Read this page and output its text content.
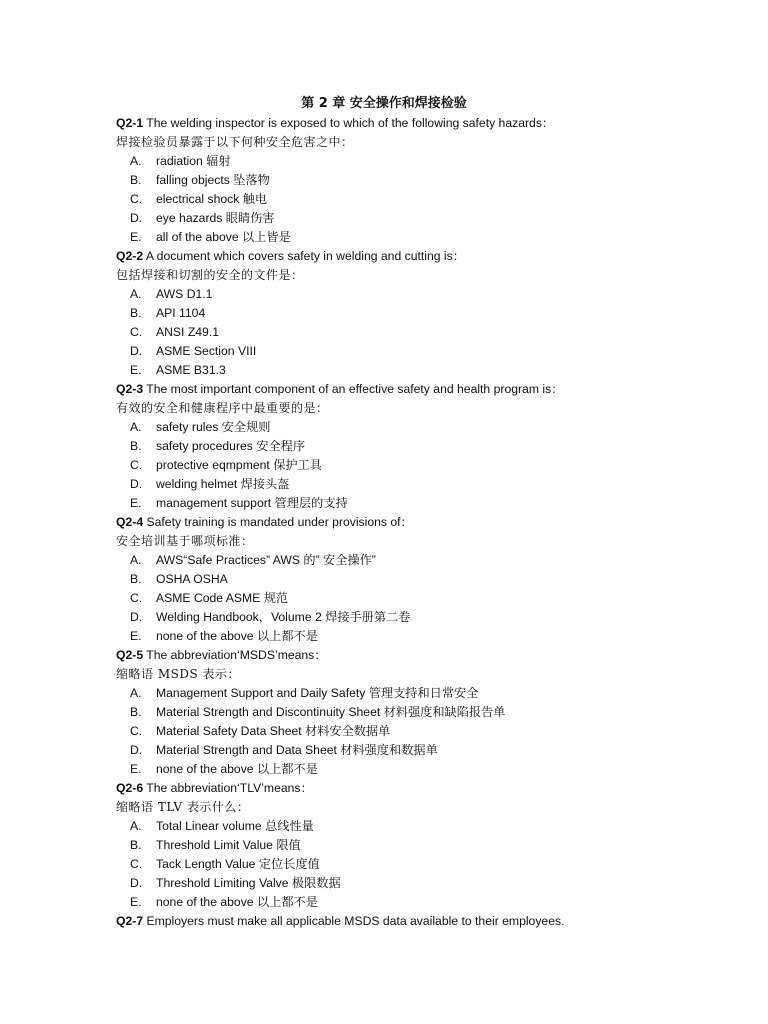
第 2 章 安全操作和焊接检验
Q2-1 The welding inspector is exposed to which of the following safety hazards：
焊接检验员暴露于以下何种安全危害之中：
A. radiation 辐射
B. falling objects 坠落物
C. electrical shock 触电
D. eye hazards 眼睛伤害
E. all of the above 以上皆是
Q2-2 A document which covers safety in welding and cutting is：
包括焊接和切割的安全的文件是：
A. AWS D1.1
B. API 1104
C. ANSI Z49.1
D. ASME Section VIII
E. ASME B31.3
Q2-3 The most important component of an effective safety and health program is：
有效的安全和健康程序中最重要的是：
A. safety rules 安全规则
B. safety procedures 安全程序
C. protective eqmpment 保护工具
D. welding helmet 焊接头盔
E. management support 管理层的支持
Q2-4 Safety training is mandated under provisions of：
安全培训基于哪项标准：
A. AWS“Safe Practices” AWS 的” 安全操作”
B. OSHA OSHA
C. ASME Code ASME 规范
D. Welding Handbook，Volume 2 焊接手册第二卷
E. none of the above 以上都不是
Q2-5 The abbreviation‘MSDS’means：
缩略语 MSDS 表示：
A. Management Support and Daily Safety 管理支持和日常安全
B. Material Strength and Discontinuity Sheet 材料强度和缺陷报告单
C. Material Safety Data Sheet 材料安全数据单
D. Material Strength and Data Sheet 材料强度和数据单
E. none of the above 以上都不是
Q2-6 The abbreviation‘TLV’means：
缩略语 TLV 表示什么：
A. Total Linear volume 总线性量
B. Threshold Limit Value 限值
C. Tack Length Value 定位长度值
D. Threshold Limiting Valve 极限数据
E. none of the above 以上都不是
Q2-7 Employers must make all applicable MSDS data available to their employees.
